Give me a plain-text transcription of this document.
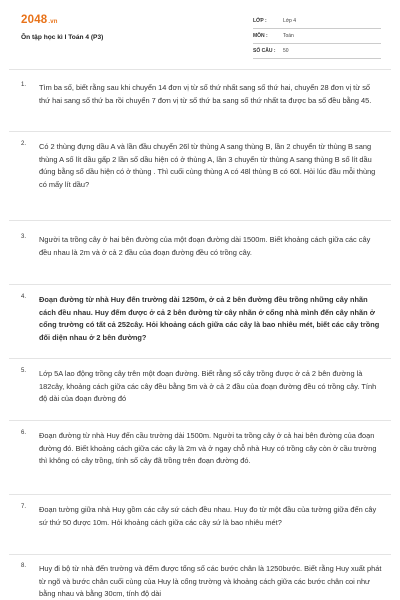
2048.vn
Ôn tập học kì I Toán 4 (P3)
LỚP :	Lớp 4
MÔN :	Toán
SỐ CÂU :	50
1. Tìm ba số, biết rằng sau khi chuyển 14 đơn vị từ số thứ nhất sang số thứ hai, chuyển 28 đơn vị từ số thứ hai sang số thứ ba rồi chuyển 7 đơn vị từ số thứ ba sang số thứ nhất ta được ba số đều bằng 45.
2. Có 2 thùng đựng dầu A và lần đầu chuyển 26l từ thùng A sang thùng B, lần 2 chuyển từ thùng B sang thùng A số lít dầu gấp 2 lần số dầu hiện có ở thùng A, lần 3 chuyển từ thùng A sang thùng B số lít dầu đúng bằng số dầu hiện có ở thùng . Thì cuối cùng thùng A có 48l thùng B có 60l. Hỏi lúc đầu mỗi thùng có mấy lít dầu?
3. Người ta trồng cây ở hai bên đường của một đoạn đường dài 1500m. Biết khoảng cách giữa các cây đều nhau là 2m và ở cả 2 đầu của đoạn đường đều có trồng cây.
4. Đoạn đường từ nhà Huy đến trường dài 1250m, ở cả 2 bên đường đều trồng những cây nhãn cách đều nhau. Huy đếm được ở cả 2 bên đường từ cây nhãn ở cổng nhà mình đến cây nhãn ở cổng trường có tất cả 252cây. Hỏi khoảng cách giữa các cây là bao nhiêu mét, biết các cây trồng đối diện nhau ở 2 bên đường?
5. Lớp 5A lao động trồng cây trên một đoạn đường. Biết rằng số cây trồng được ở cả 2 bên đường là 182cây, khoảng cách giữa các cây đều bằng 5m và ở cả 2 đầu của đoạn đường đều có trồng cây. Tính độ dài của đoạn đường đó
6. Đoạn đường từ nhà Huy đến cầu trường dài 1500m. Người ta trồng cây ở cả hai bên đường của đoạn đường đó. Biết khoảng cách giữa các cây là 2m và ở ngay chỗ nhà Huy có trồng cây còn ở cầu trường thì không có cây trồng, tính số cây đã trồng trên đoạn đường đó.
7. Đoạn tường giữa nhà Huy gồm các cây sứ cách đều nhau. Huy đo từ một đầu của tường giữa đến cây sứ thứ 50 được 10m. Hỏi khoảng cách giữa các cây sứ là bao nhiêu mét?
8. Huy đi bộ từ nhà đến trường và đếm được tổng số các bước chân là 1250bước. Biết rằng Huy xuất phát từ ngõ và bước chân cuối cùng của Huy là cổng trường và khoảng cách giữa các bước chân coi như bằng nhau và bằng 30cm, tính độ dài
